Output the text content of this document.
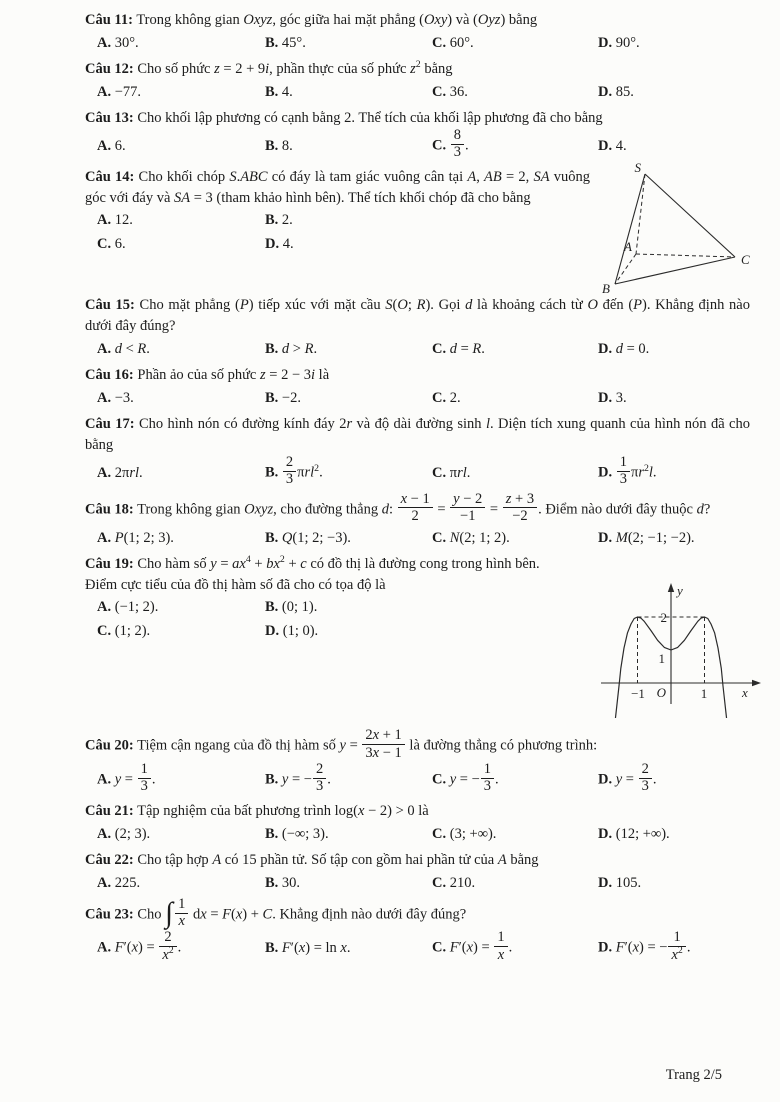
Câu 11: Trong không gian Oxyz, góc giữa hai mặt phẳng (Oxy) và (Oyz) bằng

A. 30°.	B. 45°.	C. 60°.	D. 90°.

Câu 12: Cho số phức z = 2 + 9i, phần thực của số phức $z^2$ bằng

A. −77.	B. 4.	C. 36.	D. 85.

Câu 13: Cho khối lập phương có cạnh bằng 2. Thể tích của khối lập phương đã cho bằng

A. 6.	B. 8.	C. $\frac{8}{3}$ .	D. 4.

Câu 14: Cho khối chóp S.ABC có đáy là tam giác vuông cân tại A, AB = 2, SA vuông góc với đáy và SA = 3 (tham khảo hình bên). Thể tích khối chóp đã cho bằng

A. 12.	B. 2.
C. 6.	D. 4.
S
A
B
C

Câu 15: Cho mặt phẳng (P) tiếp xúc với mặt cầu S(O; R). Gọi d là khoảng cách từ O đến (P). Khẳng định nào dưới đây đúng?

A. d < R.	B. d > R.	C. d = R.	D. d = 0.

Câu 16: Phần ảo của số phức z = 2 − 3i là

A. −3.	B. −2.	C. 2.	D. 3.

Câu 17: Cho hình nón có đường kính đáy 2r và độ dài đường sinh l. Diện tích xung quanh của hình nón đã cho bằng

A. 2πrl.	B. $\frac{2}{3} \pi rl^2$.	C. πrl.	D. $\frac{1}{3} \pi r^2l$.

Câu 18: Trong không gian Oxyz, cho đường thẳng d: $\frac{x - 1}{2} = \frac{y - 2}{-1} = \frac{z + 3}{-2}$ . Điểm nào dưới đây thuộc d?

A. P(1; 2; 3).	B. Q(1; 2; −3).	C. N(2; 1; 2).	D. M(2; −1; −2).

Câu 19: Cho hàm số $y = ax^4 + bx^2 + c$ có đồ thị là đường cong trong hình bên.
Điểm cực tiểu của đồ thị hàm số đã cho có tọa độ là

A. (−1; 2).	B. (0; 1).
C. (1; 2).	D. (1; 0).
y
x
O
−1	1
2
1

Câu 20: Tiệm cận ngang của đồ thị hàm số $y = \frac{2x + 1}{3x - 1}$ là đường thẳng có phương trình:

A. $y = \frac{1}{3}$ .	B. y = − $\frac{2}{3}$ .	C. y = − $\frac{1}{3}$ .	D. $y = \frac{2}{3}$ .

Câu 21: Tập nghiệm của bất phương trình log(x − 2) > 0 là

A. (2; 3).	B. (−∞; 3).	C. (3; +∞).	D. (12; +∞).

Câu 22: Cho tập hợp A có 15 phần tử. Số tập con gồm hai phần tử của A bằng

A. 225.	B. 30.	C. 210.	D. 105.

Câu 23: Cho ∫ $\frac{1}{x}$ dx = F(x) + C. Khẳng định nào dưới đây đúng?

A. $F'(x) = \frac{2}{x^2}$ .	B. F′(x) = ln x.	C. $F'(x) = \frac{1}{x}$ .	D. F′(x) = − $\frac{1}{x^2}$ .
Trang 2/5
